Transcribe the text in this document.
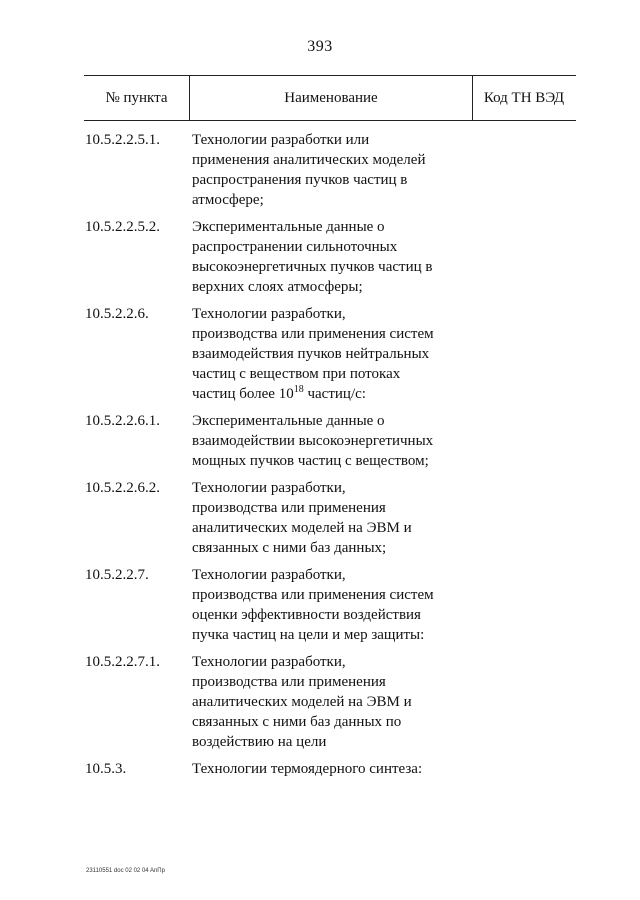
393
№ пункта	Наименование	Код ТН ВЭД
10.5.2.2.5.1.	Технологии разработки или
применения аналитических моделей
распространения пучков частиц в
атмосфере;
10.5.2.2.5.2.	Экспериментальные данные о
распространении сильноточных
высокоэнергетичных пучков частиц в
верхних слоях атмосферы;
10.5.2.2.6.	Технологии разработки,
производства или применения систем
взаимодействия пучков нейтральных
частиц с веществом при потоках
частиц более $10^{18}$ частиц/с:
10.5.2.2.6.1.	Экспериментальные данные о
взаимодействии высокоэнергетичных
мощных пучков частиц с веществом;
10.5.2.2.6.2.	Технологии разработки,
производства или применения
аналитических моделей на ЭВМ и
связанных с ними баз данных;
10.5.2.2.7.	Технологии разработки,
производства или применения систем
оценки эффективности воздействия
пучка частиц на цели и мер защиты:
10.5.2.2.7.1.	Технологии разработки,
производства или применения
аналитических моделей на ЭВМ и
связанных с ними баз данных по
воздействию на цели
10.5.3.	Технологии термоядерного синтеза:
23110551 doc 02 02 04 AnПр
